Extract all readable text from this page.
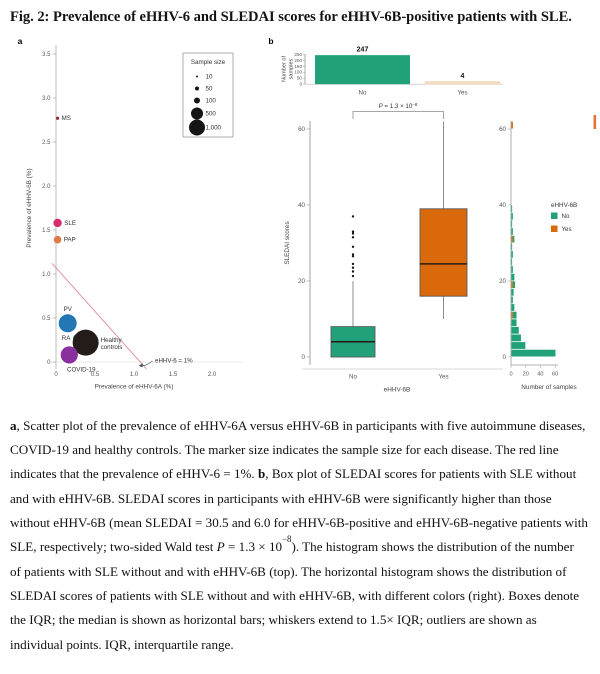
Fig. 2: Prevalence of eHHV-6 and SLEDAI scores for eHHV-6B-positive patients with SLE.
a
0
0.5
1.0
1.5
2.0
2.5
3.0
3.5
0	0.5	1.0	1.5	2.0
Prevalence of eHHV-6A (%)
Prevalence of eHHV-6B (%)
eHHV-6 = 1%
MS
SLE
PAP
PV
RA	Healthy
controls
COVID-19
Sample size
10
50
100
500
1,000
b
0
50
100
150
200
250
Number of samples
247
4
No	Yes
0
20
40
60
SLEDAI scores
No	Yes
eHHV-6B
$P = 1.3 \times 10^{-8}$
0
20
40
60
0 20 40 60
Number of samples
eHHV-6B
No
Yes

a, Scatter plot of the prevalence of eHHV-6A versus eHHV-6B in participants with five autoimmune diseases, COVID-19 and healthy controls. The marker size indicates the sample size for each disease. The red line indicates that the prevalence of eHHV-6 = 1%. b, Box plot of SLEDAI scores for patients with SLE without and with eHHV-6B. SLEDAI scores in participants with eHHV-6B were significantly higher than those without eHHV-6B (mean SLEDAI = 30.5 and 6.0 for eHHV-6B-positive and eHHV-6B-negative patients with SLE, respectively; two-sided Wald test $P = 1.3 \times 10^{-8}$). The histogram shows the distribution of the number of patients with SLE without and with eHHV-6B (top). The horizontal histogram shows the distribution of SLEDAI scores of patients with SLE without and with eHHV-6B, with different colors (right). Boxes denote the IQR; the median is shown as horizontal bars; whiskers extend to 1.5× IQR; outliers are shown as individual points. IQR, interquartile range.
